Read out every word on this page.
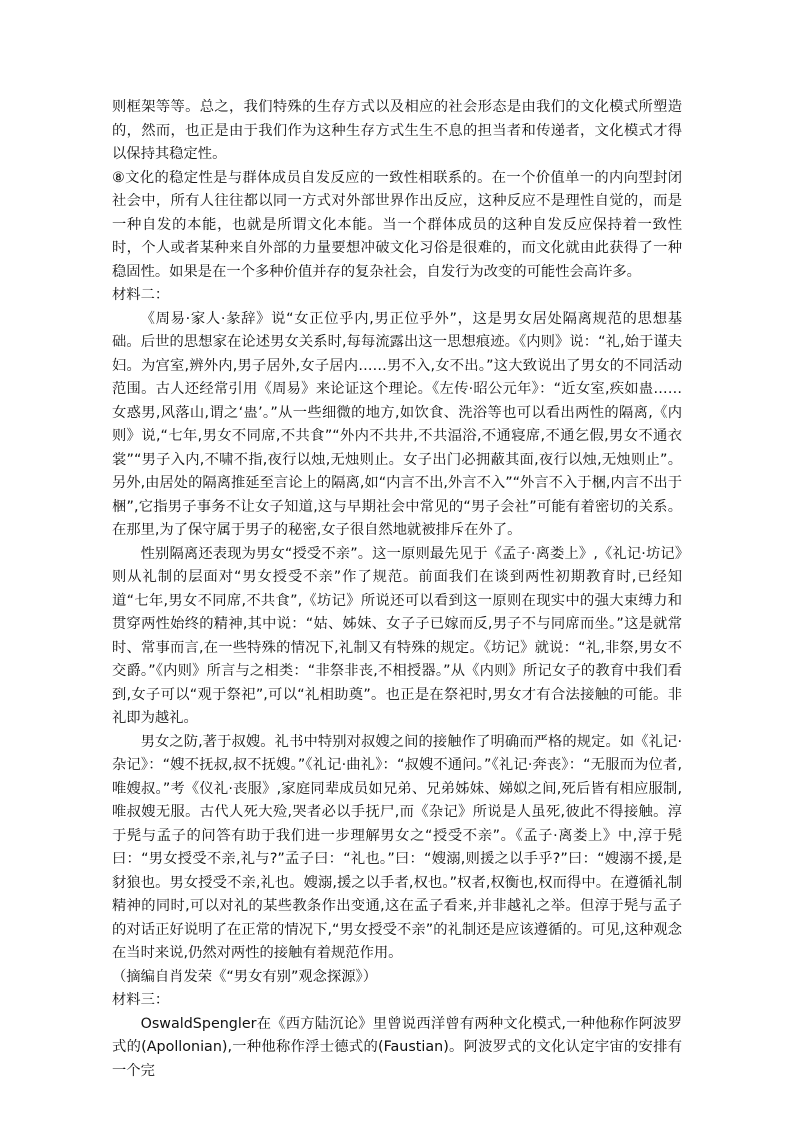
则框架等等。总之，我们特殊的生存方式以及相应的社会形态是由我们的文化模式所塑造的，然而，也正是由于我们作为这种生存方式生生不息的担当者和传递者，文化模式才得以保持其稳定性。

⑧文化的稳定性是与群体成员自发反应的一致性相联系的。在一个价值单一的内向型封闭社会中，所有人往往都以同一方式对外部世界作出反应，这种反应不是理性自觉的，而是一种自发的本能，也就是所谓文化本能。当一个群体成员的这种自发反应保持着一致性时，个人或者某种来自外部的力量要想冲破文化习俗是很难的，而文化就由此获得了一种稳固性。如果是在一个多种价值并存的复杂社会，自发行为改变的可能性会高许多。

材料二：

《周易·家人·彖辞》说“女正位乎内,男正位乎外”，这是男女居处隔离规范的思想基础。后世的思想家在论述男女关系时,每每流露出这一思想痕迹。《内则》说：“礼,始于谨夫妇。为宫室,辨外内,男子居外,女子居内……男不入,女不出。”这大致说出了男女的不同活动范围。古人还经常引用《周易》来论证这个理论。《左传·昭公元年》：“近女室,疾如蛊……女惑男,风落山,谓之‘蛊’。”从一些细微的地方,如饮食、洗浴等也可以看出两性的隔离,《内则》说,“七年,男女不同席,不共食”“外内不共井,不共湢浴,不通寝席,不通乞假,男女不通衣裳”“男子入内,不啸不指,夜行以烛,无烛则止。女子出门必拥蔽其面,夜行以烛,无烛则止”。另外,由居处的隔离推延至言论上的隔离,如“内言不出,外言不入”“外言不入于梱,内言不出于梱”,它指男子事务不让女子知道,这与早期社会中常见的“男子会社”可能有着密切的关系。在那里,为了保守属于男子的秘密,女子很自然地就被排斥在外了。

性别隔离还表现为男女“授受不亲”。这一原则最先见于《孟子·离娄上》,《礼记·坊记》则从礼制的层面对“男女授受不亲”作了规范。前面我们在谈到两性初期教育时,已经知道“七年,男女不同席,不共食”,《坊记》所说还可以看到这一原则在现实中的强大束缚力和贯穿两性始终的精神,其中说：“姑、姊妹、女子子已嫁而反,男子不与同席而坐。”这是就常时、常事而言,在一些特殊的情况下,礼制又有特殊的规定。《坊记》就说：“礼,非祭,男女不交爵。”《内则》所言与之相类：“非祭非丧,不相授器。”从《内则》所记女子的教育中我们看到,女子可以“观于祭祀”,可以“礼相助奠”。也正是在祭祀时,男女才有合法接触的可能。非礼即为越礼。

男女之防,著于叔嫂。礼书中特别对叔嫂之间的接触作了明确而严格的规定。如《礼记·杂记》：“嫂不抚叔,叔不抚嫂。”《礼记·曲礼》：“叔嫂不通问。”《礼记·奔丧》：“无服而为位者,唯嫂叔。”考《仪礼·丧服》,家庭同辈成员如兄弟、兄弟姊妹、娣姒之间,死后皆有相应服制,唯叔嫂无服。古代人死大殓,哭者必以手抚尸,而《杂记》所说是人虽死,彼此不得接触。淳于髡与孟子的问答有助于我们进一步理解男女之“授受不亲”。《孟子·离娄上》中,淳于髡曰：“男女授受不亲,礼与?”孟子曰：“礼也。”曰：“嫂溺,则援之以手乎?”曰：“嫂溺不援,是豺狼也。男女授受不亲,礼也。嫂溺,援之以手者,权也。”权者,权衡也,权而得中。在遵循礼制精神的同时,可以对礼的某些教条作出变通,这在孟子看来,并非越礼之举。但淳于髡与孟子的对话正好说明了在正常的情况下,“男女授受不亲”的礼制还是应该遵循的。可见,这种观念在当时来说,仍然对两性的接触有着规范作用。

（摘编自肖发荣《“男女有别”观念探源》）

材料三：

OswaldSpengler在《西方陆沉论》里曾说西洋曾有两种文化模式,一种他称作阿波罗式的(Apollonian),一种他称作浮士德式的(Faustian)。阿波罗式的文化认定宇宙的安排有一个完
